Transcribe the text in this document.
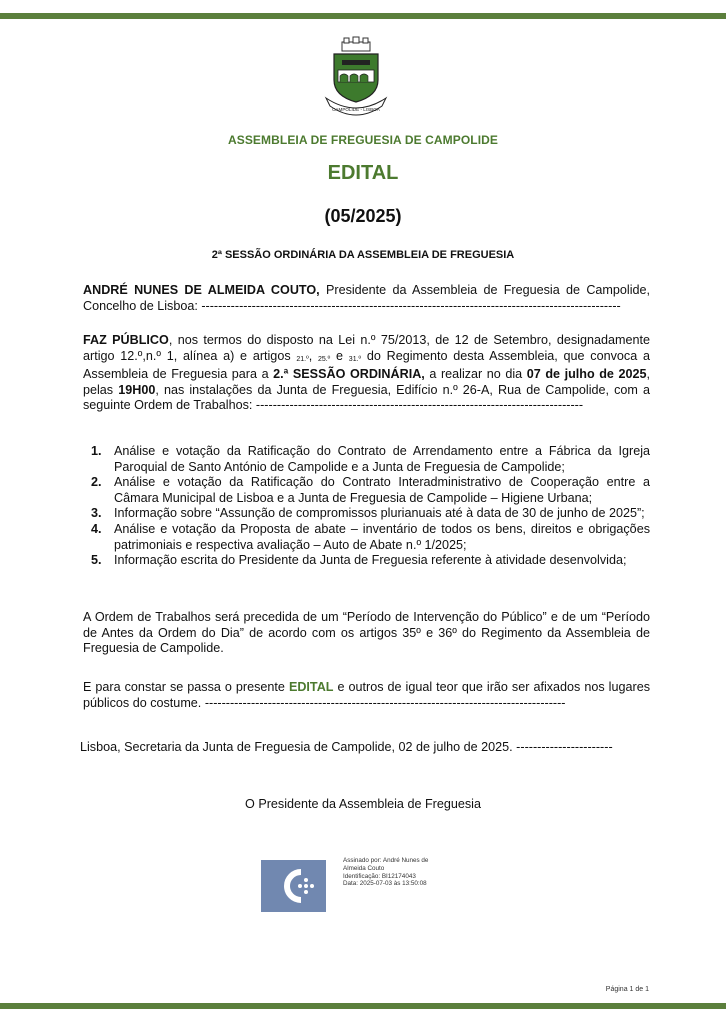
CAMPOLIDE - LISBOA
ASSEMBLEIA DE FREGUESIA DE CAMPOLIDE
EDITAL
(05/2025)
2ª SESSÃO ORDINÁRIA DA ASSEMBLEIA DE FREGUESIA
ANDRÉ NUNES DE ALMEIDA COUTO, Presidente da Assembleia de Freguesia de Campolide, Concelho de Lisboa: ----------------------------------------------------------------------------------------------------
FAZ PÚBLICO, nos termos do disposto na Lei n.º 75/2013, de 12 de Setembro, designadamente artigo 12.º,n.º 1, alínea a) e artigos 21.º, 25.º e 31.º do Regimento desta Assembleia, que convoca a Assembleia de Freguesia para a 2.ª SESSÃO ORDINÁRIA, a realizar no dia 07 de julho de 2025, pelas 19H00, nas instalações da Junta de Freguesia, Edifício n.º 26-A, Rua de Campolide, com a seguinte Ordem de Trabalhos: ------------------------------------------------------------------------------
1. Análise e votação da Ratificação do Contrato de Arrendamento entre a Fábrica da Igreja Paroquial de Santo António de Campolide e a Junta de Freguesia de Campolide;
2. Análise e votação da Ratificação do Contrato Interadministrativo de Cooperação entre a Câmara Municipal de Lisboa e a Junta de Freguesia de Campolide – Higiene Urbana;
3. Informação sobre “Assunção de compromissos plurianuais até à data de 30 de junho de 2025”;
4. Análise e votação da Proposta de abate – inventário de todos os bens, direitos e obrigações patrimoniais e respectiva avaliação – Auto de Abate n.º 1/2025;
5. Informação escrita do Presidente da Junta de Freguesia referente à atividade desenvolvida;
A Ordem de Trabalhos será precedida de um “Período de Intervenção do Público” e de um “Período de Antes da Ordem do Dia” de acordo com os artigos 35º e 36º do Regimento da Assembleia de Freguesia de Campolide.
E para constar se passa o presente EDITAL e outros de igual teor que irão ser afixados nos lugares públicos do costume. --------------------------------------------------------------------------------------
Lisboa, Secretaria da Junta de Freguesia de Campolide, 02 de julho de 2025. -----------------------
O Presidente da Assembleia de Freguesia
Assinado por: André Nunes de
Almeida Couto
Identificação: BI12174043
Data: 2025-07-03 às 13:50:08
Página 1 de 1
